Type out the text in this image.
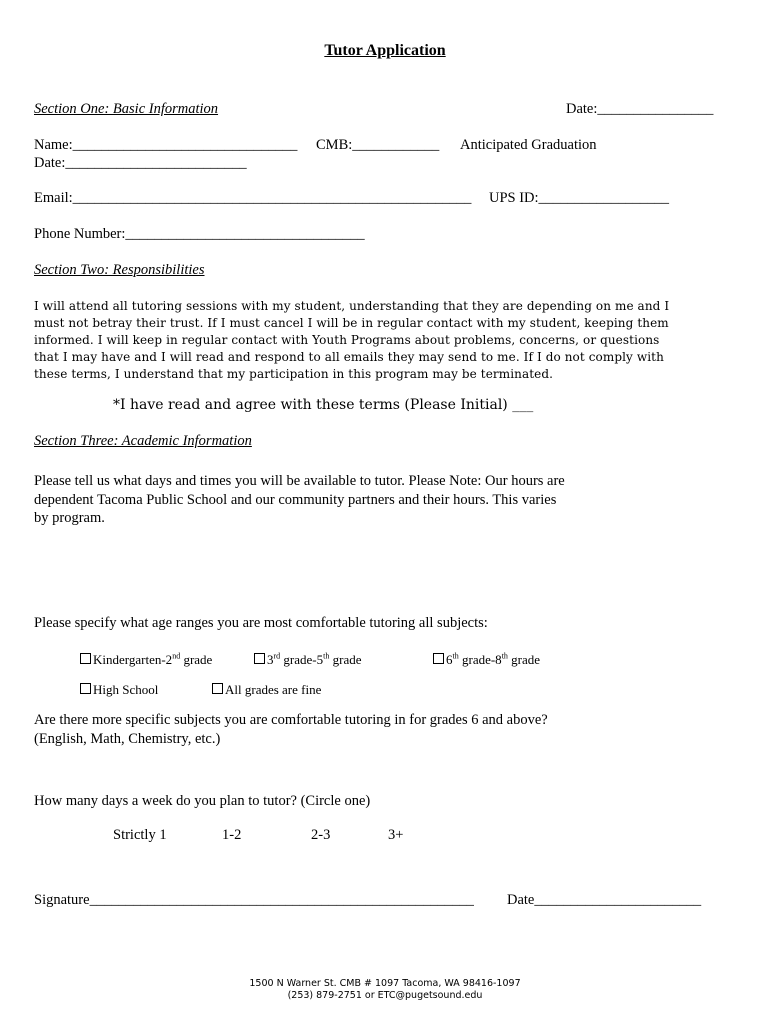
Tutor Application
Section One: Basic Information	Date:________________
Name:_______________________________ CMB:____________ Anticipated Graduation
Date:_________________________
Email:_______________________________________________________ UPS ID:__________________
Phone Number:_________________________________
Section Two: Responsibilities
I will attend all tutoring sessions with my student, understanding that they are depending on me and I
must not betray their trust. If I must cancel I will be in regular contact with my student, keeping them
informed. I will keep in regular contact with Youth Programs about problems, concerns, or questions
that I may have and I will read and respond to all emails they may send to me. If I do not comply with
these terms, I understand that my participation in this program may be terminated.
*I have read and agree with these terms (Please Initial) ___
Section Three: Academic Information
Please tell us what days and times you will be available to tutor. Please Note: Our hours are
dependent Tacoma Public School and our community partners and their hours. This varies
by program.
Please specify what age ranges you are most comfortable tutoring all subjects:
Kindergarten-2nd grade	3rd grade-5th grade	6th grade-8th grade
High School	All grades are fine
Are there more specific subjects you are comfortable tutoring in for grades 6 and above?
(English, Math, Chemistry, etc.)
How many days a week do you plan to tutor? (Circle one)
Strictly 1	1-2	2-3	3+
Signature_____________________________________________________ Date_______________________
1500 N Warner St. CMB # 1097 Tacoma, WA 98416-1097
(253) 879-2751 or ETC@pugetsound.edu
